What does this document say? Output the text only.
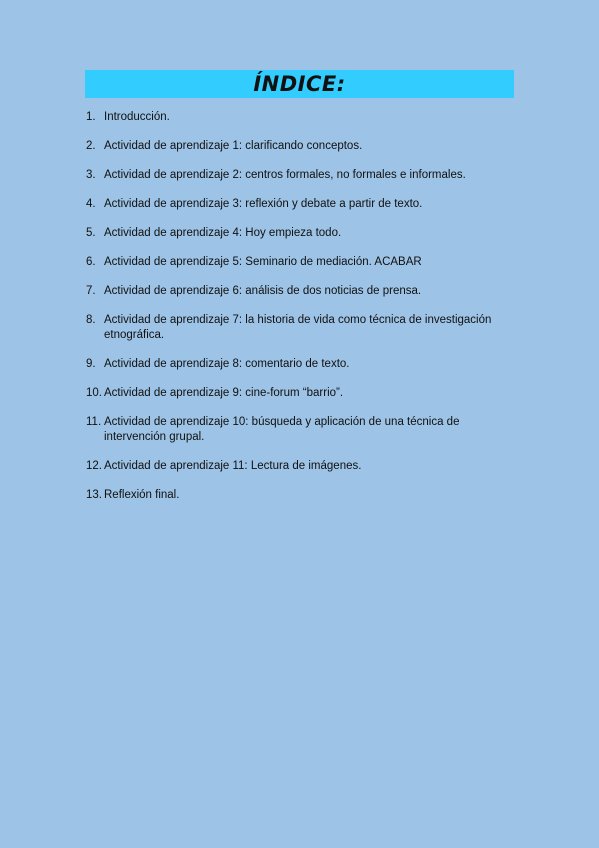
ÍNDICE:
1. Introducción.
2. Actividad de aprendizaje 1: clarificando conceptos.
3. Actividad de aprendizaje 2: centros formales, no formales e informales.
4. Actividad de aprendizaje 3: reflexión y debate a partir de texto.
5. Actividad de aprendizaje 4: Hoy empieza todo.
6. Actividad de aprendizaje 5: Seminario de mediación. ACABAR
7. Actividad de aprendizaje 6: análisis de dos noticias de prensa.
8. Actividad de aprendizaje 7: la historia de vida como técnica de investigación etnográfica.
9. Actividad de aprendizaje 8: comentario de texto.
10. Actividad de aprendizaje 9: cine-forum “barrio”.
11. Actividad de aprendizaje 10: búsqueda y aplicación de una técnica de intervención grupal.
12. Actividad de aprendizaje 11: Lectura de imágenes.
13. Reflexión final.
